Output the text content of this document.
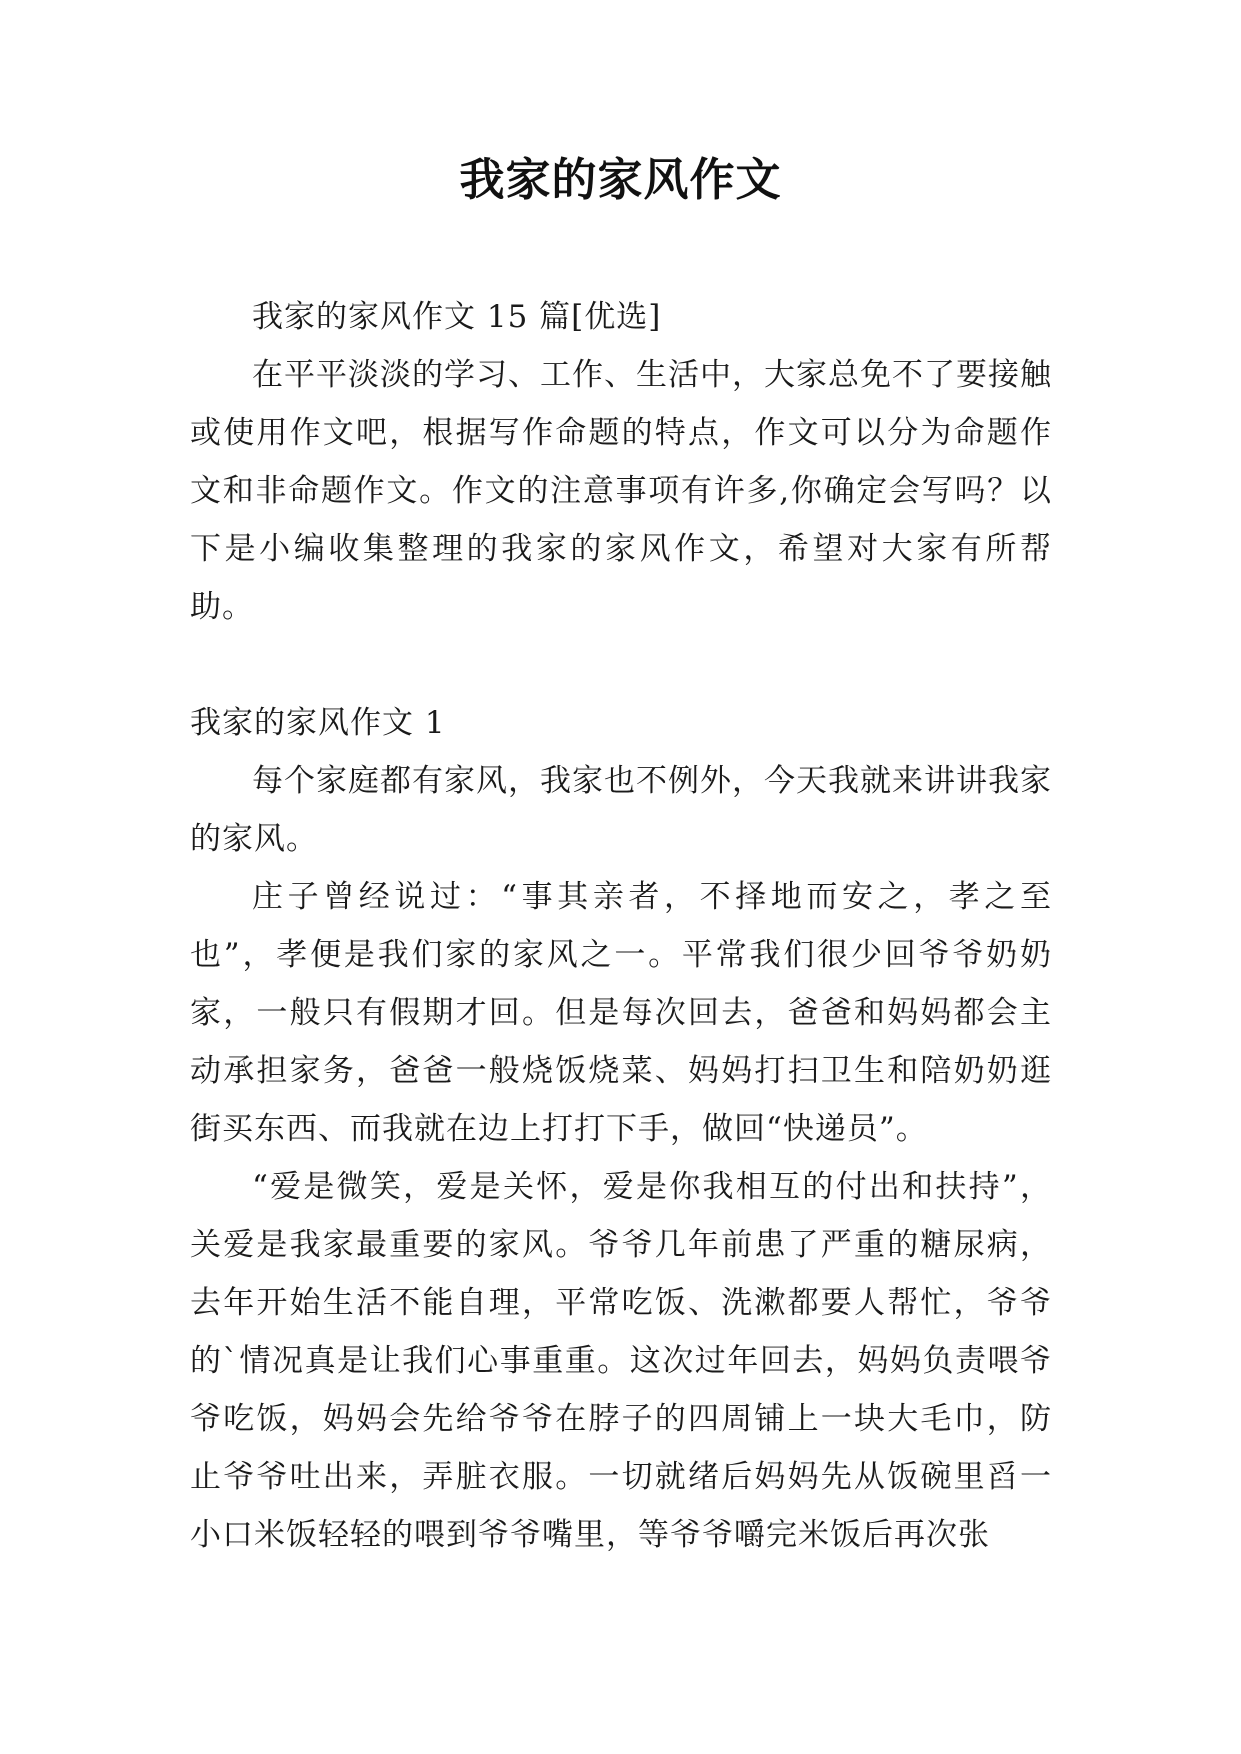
我家的家风作文

我家的家风作文 15 篇[优选]

在平平淡淡的学习、工作、生活中，大家总免不了要接触或使用作文吧，根据写作命题的特点，作文可以分为命题作文和非命题作文。作文的注意事项有许多,你确定会写吗？以下是小编收集整理的我家的家风作文，希望对大家有所帮助。

我家的家风作文 1

每个家庭都有家风，我家也不例外，今天我就来讲讲我家的家风。

庄子曾经说过：“事其亲者，不择地而安之，孝之至也”，孝便是我们家的家风之一。平常我们很少回爷爷奶奶家，一般只有假期才回。但是每次回去，爸爸和妈妈都会主动承担家务，爸爸一般烧饭烧菜、妈妈打扫卫生和陪奶奶逛街买东西、而我就在边上打打下手，做回“快递员”。

“爱是微笑，爱是关怀，爱是你我相互的付出和扶持”，关爱是我家最重要的家风。爷爷几年前患了严重的糖尿病，去年开始生活不能自理，平常吃饭、洗漱都要人帮忙，爷爷的`情况真是让我们心事重重。这次过年回去，妈妈负责喂爷爷吃饭，妈妈会先给爷爷在脖子的四周铺上一块大毛巾，防止爷爷吐出来，弄脏衣服。一切就绪后妈妈先从饭碗里舀一小口米饭轻轻的喂到爷爷嘴里，等爷爷嚼完米饭后再次张
